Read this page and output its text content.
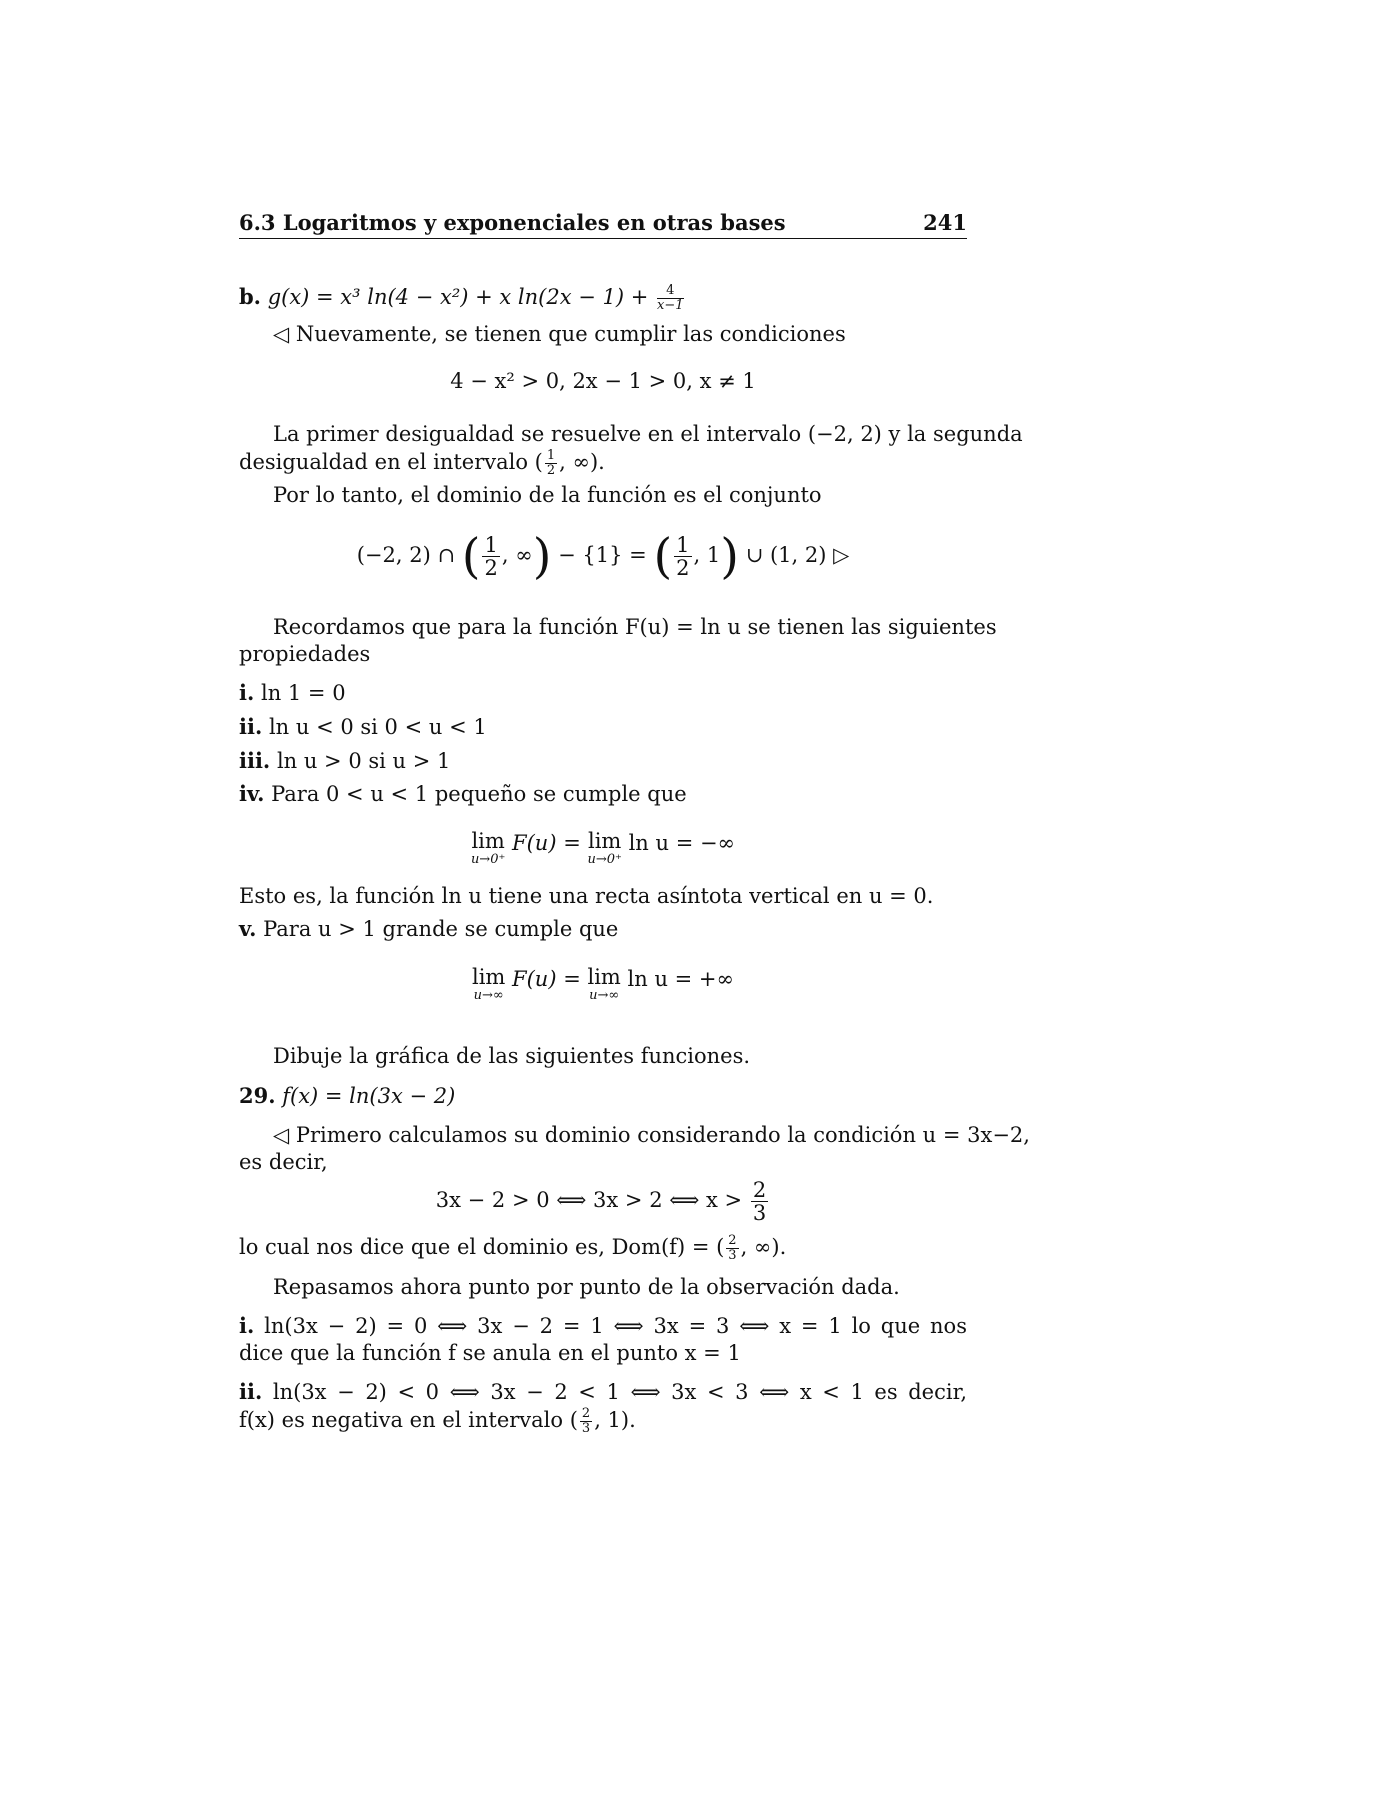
6.3 Logaritmos y exponenciales en otras bases	241
b. g(x) = x³ ln(4 − x²) + x $\ln(2x - 1) + \frac{4}{x-1}$
◁ Nuevamente, se tienen que cumplir las condiciones
4 − x² > 0, 2x − 1 > 0, x ≠ 1
La primer desigualdad se resuelve en el intervalo (−2, 2) y la segunda
desigualdad en el intervalo ( $\frac{1}{2}$ , ∞).
Por lo tanto, el dominio de la función es el conjunto
(−2, 2) ∩ ( $\frac{1}{2}$ , ∞) − {1} = ( $\frac{1}{2}$ , 1) ∪ (1, 2) ▷
Recordamos que para la función F(u) = ln u se tienen las siguientes
propiedades
i. ln 1 = 0
ii. ln u < 0 si 0 < u < 1
iii. ln u > 0 si u > 1
iv. Para 0 < u < 1 pequeño se cumple que
lim
u→0⁺
F(u) = lim
u→0⁺
ln u = −∞
Esto es, la función ln u tiene una recta asíntota vertical en u = 0.
v. Para u > 1 grande se cumple que
lim
u→∞
F(u) = lim
u→∞
ln u = +∞
Dibuje la gráfica de las siguientes funciones.
29. f(x) = ln(3x − 2)
◁ Primero calculamos su dominio considerando la condición u = 3x−2,
es decir,
3x − 2 > 0 ⟺ 3x > 2 ⟺ $x > \frac{2}{3}$
lo cual nos dice que el dominio es, Dom(f) = ( $\frac{2}{3}$ , ∞).
Repasamos ahora punto por punto de la observación dada.
i. ln(3x − 2) = 0 ⟺ 3x − 2 = 1 ⟺ 3x = 3 ⟺ x = 1 lo que nos
dice que la función f se anula en el punto x = 1
ii. ln(3x − 2) < 0 ⟺ 3x − 2 < 1 ⟺ 3x < 3 ⟺ x < 1 es decir,
f(x) es negativa en el intervalo ( $\frac{2}{3}$ , 1).
